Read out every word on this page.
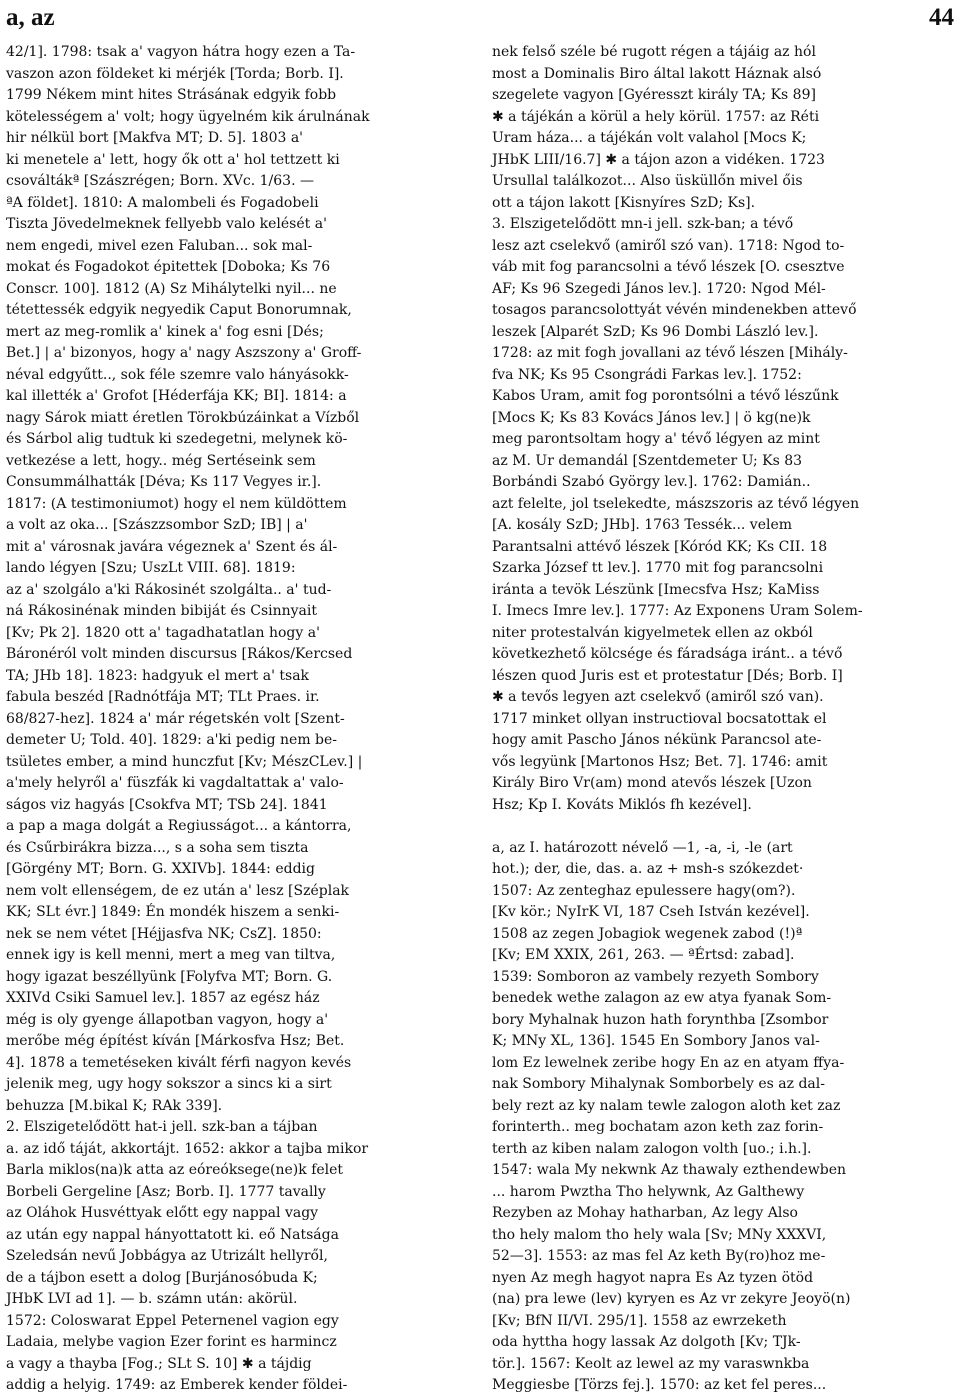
a, az	44
42/1]. 1798: tsak a' vagyon hátra hogy ezen a Ta-
vaszon azon földeket ki mérjék [Torda; Borb. I].
1799 Nékem mint hites Strásának edgyik fobb
kötelességem a' volt; hogy ügyelném kik árulnának
hir nélkül bort [Makfva MT; D. 5]. 1803 a'
ki menetele a' lett, hogy ők ott a' hol tettzett ki
csováltákª [Szászrégen; Born. XVc. 1/63. —
ªA földet]. 1810: A malombeli és Fogadobeli
Tiszta Jövedelmeknek fellyebb valo kelését a'
nem engedi, mivel ezen Faluban... sok mal-
mokat és Fogadokot épitettek [Doboka; Ks 76
Conscr. 100]. 1812 (A) Sz Mihálytelki nyil... ne
tétettessék edgyik negyedik Caput Bonorumnak,
mert az meg-romlik a' kinek a' fog esni [Dés;
Bet.] | a' bizonyos, hogy a' nagy Aszszony a' Groff-
néval edgyűtt.., sok féle szemre valo hányásokk-
kal illették a' Grofot [Héderfája KK; BI]. 1814: a
nagy Sárok miatt éretlen Törokbúzáinkat a Vízből
és Sárbol alig tudtuk ki szedegetni, melynek kö-
vetkezése a lett, hogy.. még Sertéseink sem
Consummálhatták [Déva; Ks 117 Vegyes ir.].
1817: (A testimoniumot) hogy el nem küldöttem
a volt az oka... [Szászzsombor SzD; IB] | a'
mit a' városnak javára végeznek a' Szent és ál-
lando légyen [Szu; UszLt VIII. 68]. 1819:
az a' szolgálo a'ki Rákosinét szolgálta.. a' tud-
ná Rákosinénak minden bibiját és Csinnyait
[Kv; Pk 2]. 1820 ott a' tagadhatatlan hogy a'
Báronéról volt minden discursus [Rákos/Kercsed
TA; JHb 18]. 1823: hadgyuk el mert a' tsak
fabula beszéd [Radnótfája MT; TLt Praes. ir.
68/827-hez]. 1824 a' már régetskén volt [Szent-
demeter U; Told. 40]. 1829: a'ki pedig nem be-
tsületes ember, a mind hunczfut [Kv; MészCLev.] |
a'mely helyről a' füszfák ki vagdaltattak a' valo-
ságos viz hagyás [Csokfva MT; TSb 24]. 1841
a pap a maga dolgát a Regiusságot... a kántorra,
és Csűrbirákra bizza..., s a soha sem tiszta
[Görgény MT; Born. G. XXIVb]. 1844: eddig
nem volt ellenségem, de ez után a' lesz [Széplak
KK; SLt évr.] 1849: Én mondék hiszem a senki-
nek se nem vétet [Héjjasfva NK; CsZ]. 1850:
ennek igy is kell menni, mert a meg van tiltva,
hogy igazat beszéllyünk [Folyfva MT; Born. G.
XXIVd Csiki Samuel lev.]. 1857 az egész ház
még is oly gyenge állapotban vagyon, hogy a'
merőbe még építést kíván [Márkosfva Hsz; Bet.
4]. 1878 a temetéseken kivált férfi nagyon kevés
jelenik meg, ugy hogy sokszor a sincs ki a sirt
behuzza [M.bikal K; RAk 339].
2. Elszigetelődött hat-i jell. szk-ban a tájban
a. az idő táját, akkortájt. 1652: akkor a tajba mikor
Barla miklos(na)k atta az eóreóksege(ne)k felet
Borbeli Gergeline [Asz; Borb. I]. 1777 tavally
az Oláhok Husvéttyak előtt egy nappal vagy
az után egy nappal hányottatott ki. eő Natsága
Szeledsán nevű Jobbágya az Utrizált hellyről,
de a tájbon esett a dolog [Burjánosóbuda K;
JHbK LVI ad 1]. — b. számn után: akörül.
1572: Coloswarat Eppel Peternenel vagion egy
Ladaia, melybe vagion Ezer forint es harmincz
a vagy a thayba [Fog.; SLt S. 10] ✱ a tájdig
addig a helyig. 1749: az Emberek kender földei-
nek felső széle bé rugott régen a tájáig az hól
most a Dominalis Biro által lakott Háznak alsó
szegelete vagyon [Gyéresszt király TA; Ks 89]
✱ a tájékán a körül a hely körül. 1757: az Réti
Uram háza... a tájékán volt valahol [Mocs K;
JHbK LIII/16.7] ✱ a tájon azon a vidéken. 1723
Ursullal találkozot... Also üsküllőn mivel őis
ott a tájon lakott [Kisnyíres SzD; Ks].
3. Elszigetelődött mn-i jell. szk-ban; a tévő
lesz azt cselekvő (amiről szó van). 1718: Ngod to-
váb mit fog parancsolni a tévő lészek [O. csesztve
AF; Ks 96 Szegedi János lev.]. 1720: Ngod Mél-
tosagos parancsolottyát vévén mindenekben attevő
leszek [Alparét SzD; Ks 96 Dombi László lev.].
1728: az mit fogh jovallani az tévő lészen [Mihály-
fva NK; Ks 95 Csongrádi Farkas lev.]. 1752:
Kabos Uram, amit fog porontsólni a tévő lészűnk
[Mocs K; Ks 83 Kovács János lev.] | ö kg(ne)k
meg parontsoltam hogy a' tévő légyen az mint
az M. Ur demandál [Szentdemeter U; Ks 83
Borbándi Szabó György lev.]. 1762: Damián..
azt felelte, jol tselekedte, mászszoris az tévő légyen
[A. kosály SzD; JHb]. 1763 Tessék... velem
Parantsalni attévő lészek [Kóród KK; Ks CII. 18
Szarka József tt lev.]. 1770 mit fog parancsolni
iránta a tevök Lészünk [Imecsfva Hsz; KaMiss
I. Imecs Imre lev.]. 1777: Az Exponens Uram Solem-
niter protestalván kigyelmetek ellen az okból
következhető kölcsége és fáradsága iránt.. a tévő
lészen quod Juris est et protestatur [Dés; Borb. I]
✱ a tevős legyen azt cselekvő (amiről szó van).
1717 minket ollyan instructioval bocsatottak el
hogy amit Pascho János nékünk Parancsol ate-
vős legyünk [Martonos Hsz; Bet. 7]. 1746: amit
Király Biro Vr(am) mond atevős lészek [Uzon
Hsz; Kp I. Kováts Miklós fh kezével].

a, az I. határozott névelő —1, -a, -i, -le (art
hot.); der, die, das. a. az + msh-s szókezdet·
1507: Az zenteghaz epulessere hagy(om?).
[Kv kör.; NyIrK VI, 187 Cseh István kezével].
1508 az zegen Jobagiok wegenek zabod (!)ª
[Kv; EM XXIX, 261, 263. — ªÉrtsd: zabad].
1539: Somboron az vambely rezyeth Sombory
benedek wethe zalagon az ew atya fyanak Som-
bory Myhalnak huzon hath forynthba [Zsombor
K; MNy XL, 136]. 1545 En Sombory Janos val-
lom Ez lewelnek zeribe hogy En az en atyam ffya-
nak Sombory Mihalynak Somborbely es az dal-
bely rezt az ky nalam tewle zalogon aloth ket zaz
forinterth.. meg bochatam azon keth zaz forin-
terth az kiben nalam zalogon volth [uo.; i.h.].
1547: wala My nekwnk Az thawaly ezthendewben
... harom Pwztha Tho helywnk, Az Galthewy
Rezyben az Mohay hatharban, Az legy Also
tho hely malom tho hely wala [Sv; MNy XXXVI,
52—3]. 1553: az mas fel Az keth By(ro)hoz me-
nyen Az megh hagyot napra Es Az tyzen ötöd
(na) pra lewe (lev) kyryen es Az vr zekyre Jeoyö(n)
[Kv; BfN II/VI. 295/1]. 1558 az ewrzeketh
oda hyttha hogy lassak Az dolgoth [Kv; TJk-
tör.]. 1567: Keolt az lewel az my varaswnkba
Meggiesbe [Törzs fej.]. 1570: az ket fel peres...
